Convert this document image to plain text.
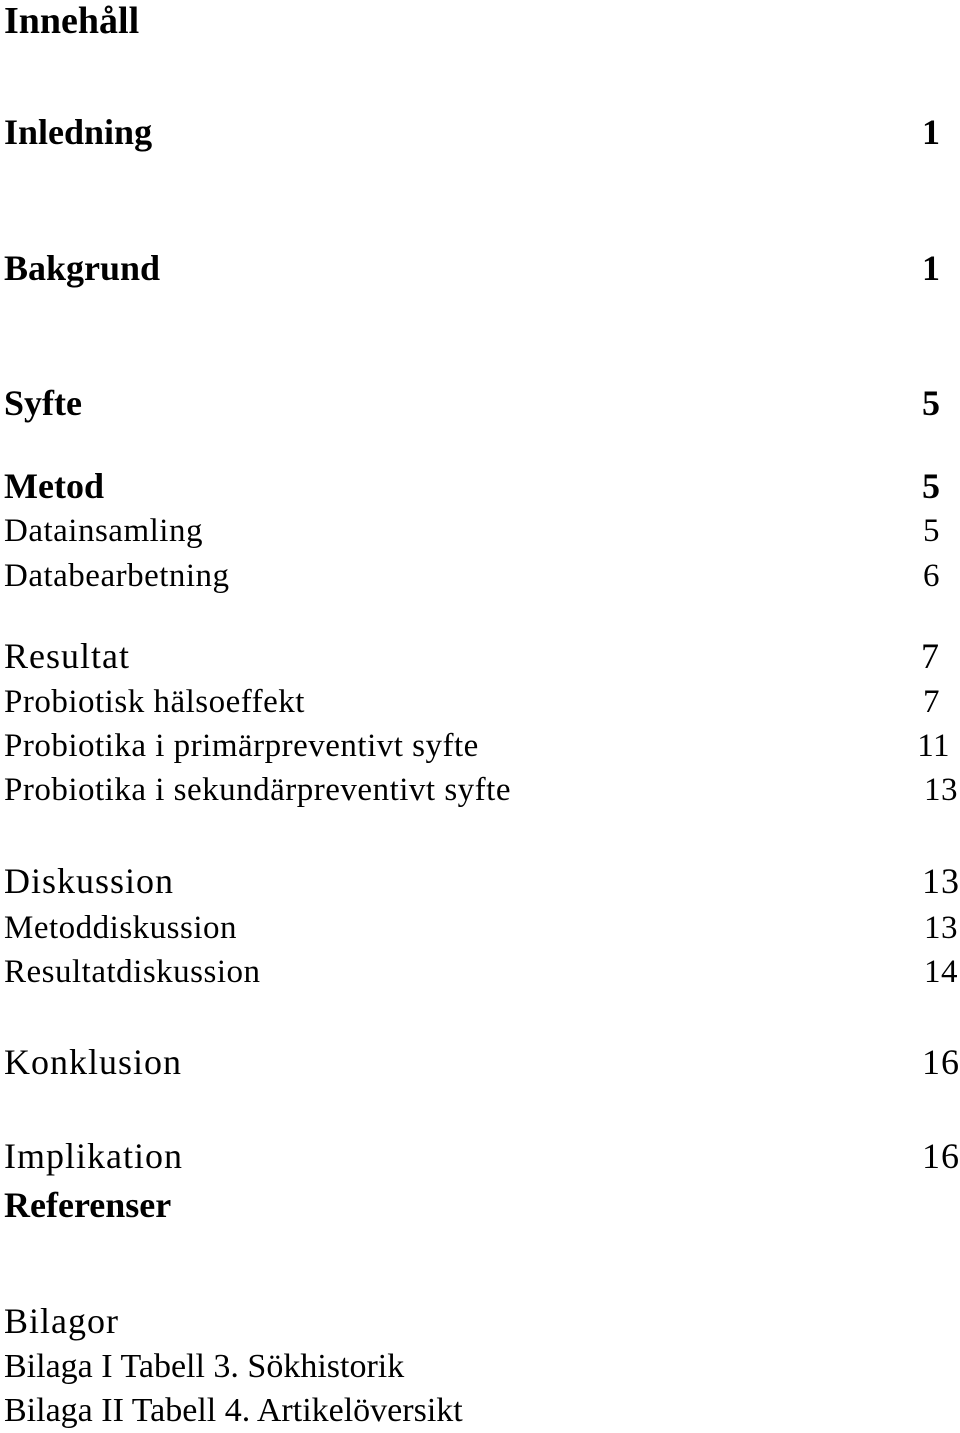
Innehåll
Inledning	1
Bakgrund	1
Syfte	5
Metod	5
Datainsamling	5
Databearbetning	6
Resultat	7
Probiotisk hälsoeffekt	7
Probiotika i primärpreventivt syfte	11
Probiotika i sekundärpreventivt syfte	13
Diskussion	13
Metoddiskussion	13
Resultatdiskussion	14
Konklusion	16
Implikation	16
Referenser
Bilagor
Bilaga I Tabell 3. Sökhistorik
Bilaga II Tabell 4. Artikelöversikt
